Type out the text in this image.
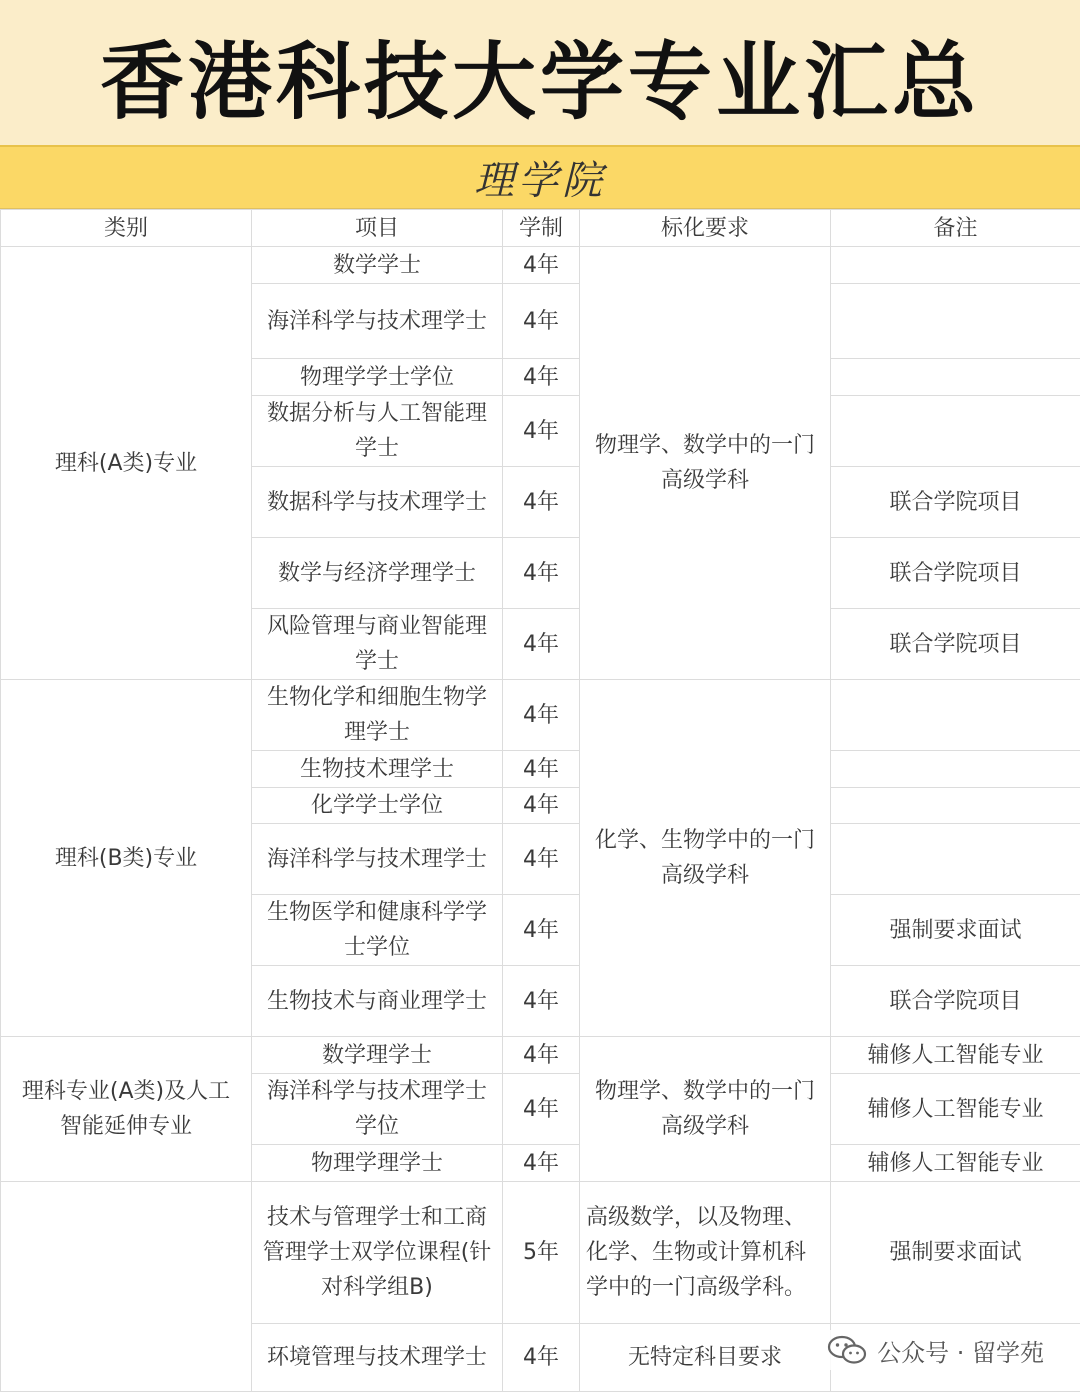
香港科技大学专业汇总
理学院
类别	项目	学制	标化要求	备注
理科(A类)专业	数学学士	4年	物理学、数学中的一门高级学科	

	海洋科学与技术理学士	4年		
	物理学学士学位	4年		
	数据分析与人工智能理学士	4年		
	数据科学与技术理学士	4年		联合学院项目
	数学与经济学理学士	4年		联合学院项目
	风险管理与商业智能理学士	4年		联合学院项目
理科(B类)专业	生物化学和细胞生物学理学士	4年	化学、生物学中的一门高级学科	

	生物技术理学士	4年		
	化学学士学位	4年		
	海洋科学与技术理学士	4年		
	生物医学和健康科学学士学位	4年		强制要求面试
	生物技术与商业理学士	4年		联合学院项目
理科专业(A类)及人工智能延伸专业	数学理学士	4年	物理学、数学中的一门高级学科	辅修人工智能专业
	海洋科学与技术理学士学位	4年		辅修人工智能专业
	物理学理学士	4年		辅修人工智能专业
	技术与管理学士和工商管理学士双学位课程(针对科学组B)	5年	高级数学，以及物理、化学、生物或计算机科学中的一门高级学科。	强制要求面试
	环境管理与技术理学士	4年	无特定科目要求	
		公众号 · 留学苑
